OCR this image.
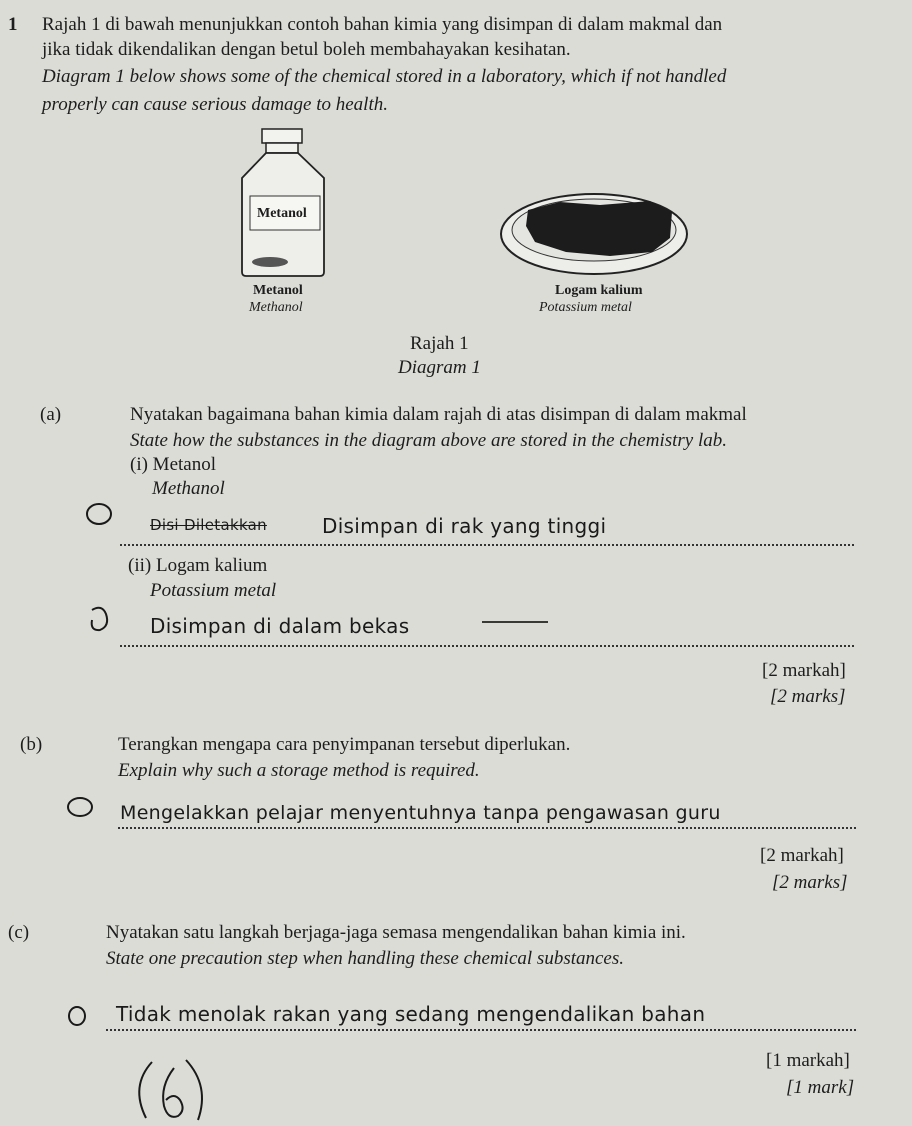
1 Rajah 1 di bawah menunjukkan contoh bahan kimia yang disimpan di dalam makmal dan
jika tidak dikendalikan dengan betul boleh membahayakan kesihatan.
Diagram 1 below shows some of the chemical stored in a laboratory, which if not handled
properly can cause serious damage to health.
Metanol
Metanol
Methanol
Logam kalium
Potassium metal
Rajah 1
Diagram 1
(a)	Nyatakan bagaimana bahan kimia dalam rajah di atas disimpan di dalam makmal
State how the substances in the diagram above are stored in the chemistry lab.
(i) Metanol
Methanol
Disi Diletakkan	Disimpan di rak yang tinggi
(ii) Logam kalium
Potassium metal
Disimpan di dalam bekas
[2 markah]
[2 marks]
(b)	Terangkan mengapa cara penyimpanan tersebut diperlukan.
Explain why such a storage method is required.
Mengelakkan pelajar menyentuhnya tanpa pengawasan guru
[2 markah]
[2 marks]
(c)	Nyatakan satu langkah berjaga-jaga semasa mengendalikan bahan kimia ini.
State one precaution step when handling these chemical substances.
Tidak menolak rakan yang sedang mengendalikan bahan
[1 markah]
[1 mark]
